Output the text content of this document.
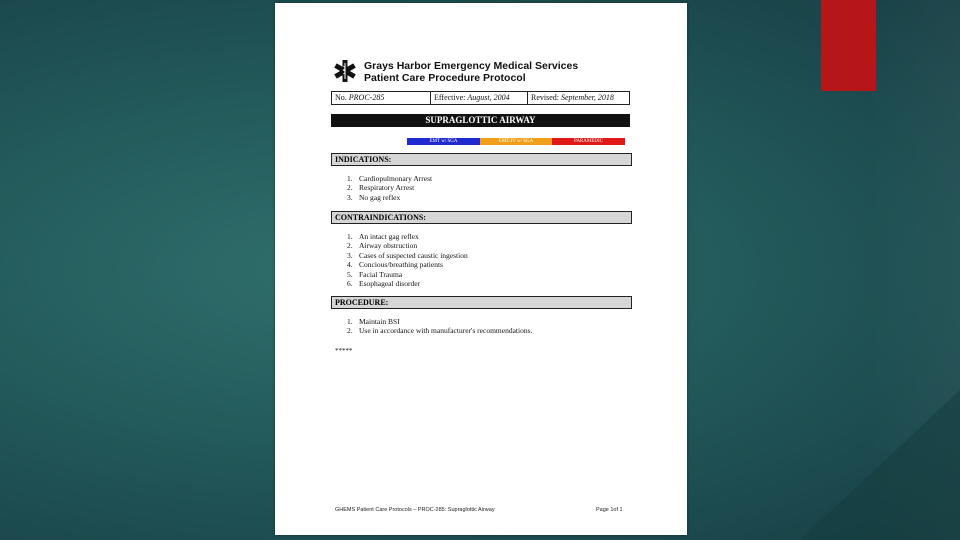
Grays Harbor Emergency Medical Services
Patient Care Procedure Protocol
No. PROC-285	Effective: August, 2004	Revised: September, 2018
SUPRAGLOTTIC AIRWAY
EMT w/ SGA	EMT-IV w/ SGA	PARAMEDIC
INDICATIONS:
1. Cardiopulmonary Arrest
2. Respiratory Arrest
3. No gag reflex
CONTRAINDICATIONS:
1. An intact gag reflex
2. Airway obstruction
3. Cases of suspected caustic ingestion
4. Concious/breathing patients
5. Facial Trauma
6. Esophageal disorder
PROCEDURE:
1. Maintain BSI
2. Use in accordance with manufacturer's recommendations.
*****
GHEMS Patient Care Protocols – PROC-285: Supraglottic Airway	Page 1of 1
